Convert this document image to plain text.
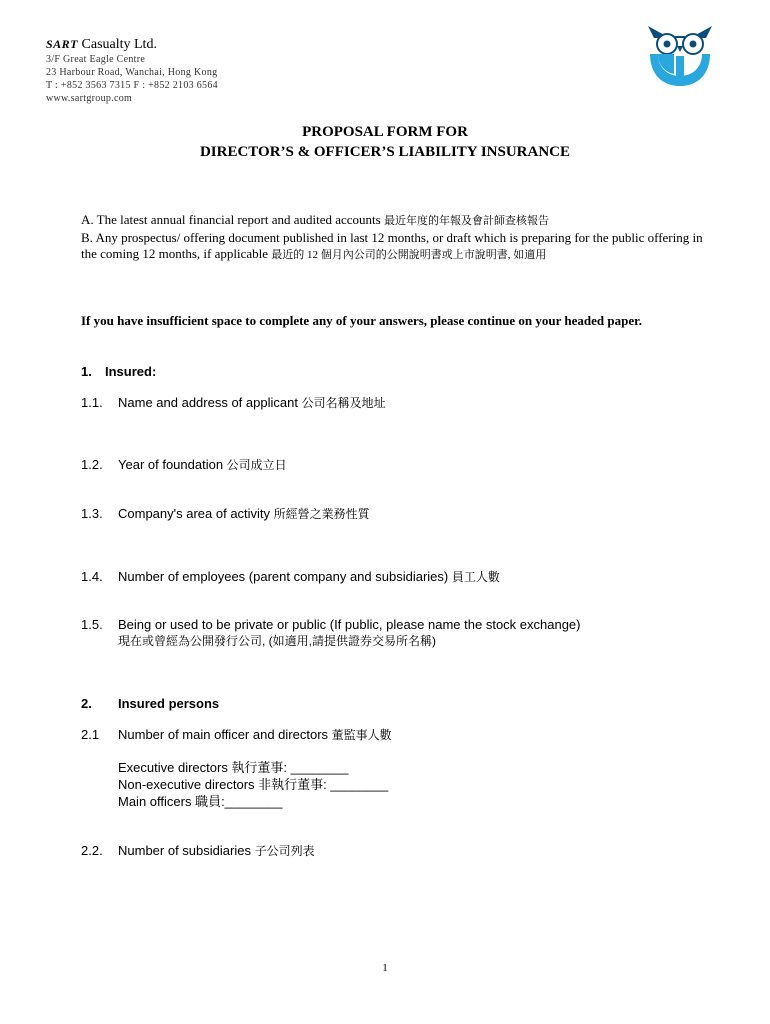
SART Casualty Ltd.
3/F Great Eagle Centre
23 Harbour Road, Wanchai, Hong Kong
T : +852 3563 7315 F : +852 2103 6564
www.sartgroup.com
PROPOSAL FORM FOR
DIRECTOR’S & OFFICER’S LIABILITY INSURANCE
A. The latest annual financial report and audited accounts 最近年度的年報及會計師查核報告
B. Any prospectus/ offering document published in last 12 months, or draft which is preparing for the public offering in the coming 12 months, if applicable 最近的 12 個月內公司的公開說明書或上市說明書, 如適用
If you have insufficient space to complete any of your answers, please continue on your headed paper.
1. Insured:
1.1. Name and address of applicant 公司名稱及地址
1.2. Year of foundation 公司成立日
1.3. Company's area of activity 所經營之業務性質
1.4. Number of employees (parent company and subsidiaries) 員工人數
1.5. Being or used to be private or public (If public, please name the stock exchange)
現在或曾經為公開發行公司, (如適用,請提供證券交易所名稱)
2. Insured persons
2.1 Number of main officer and directors 董監事人數
Executive directors 執行董事: ________
Non-executive directors 非執行董事: ________
Main officers 職員:________
2.2. Number of subsidiaries 子公司列表
1
